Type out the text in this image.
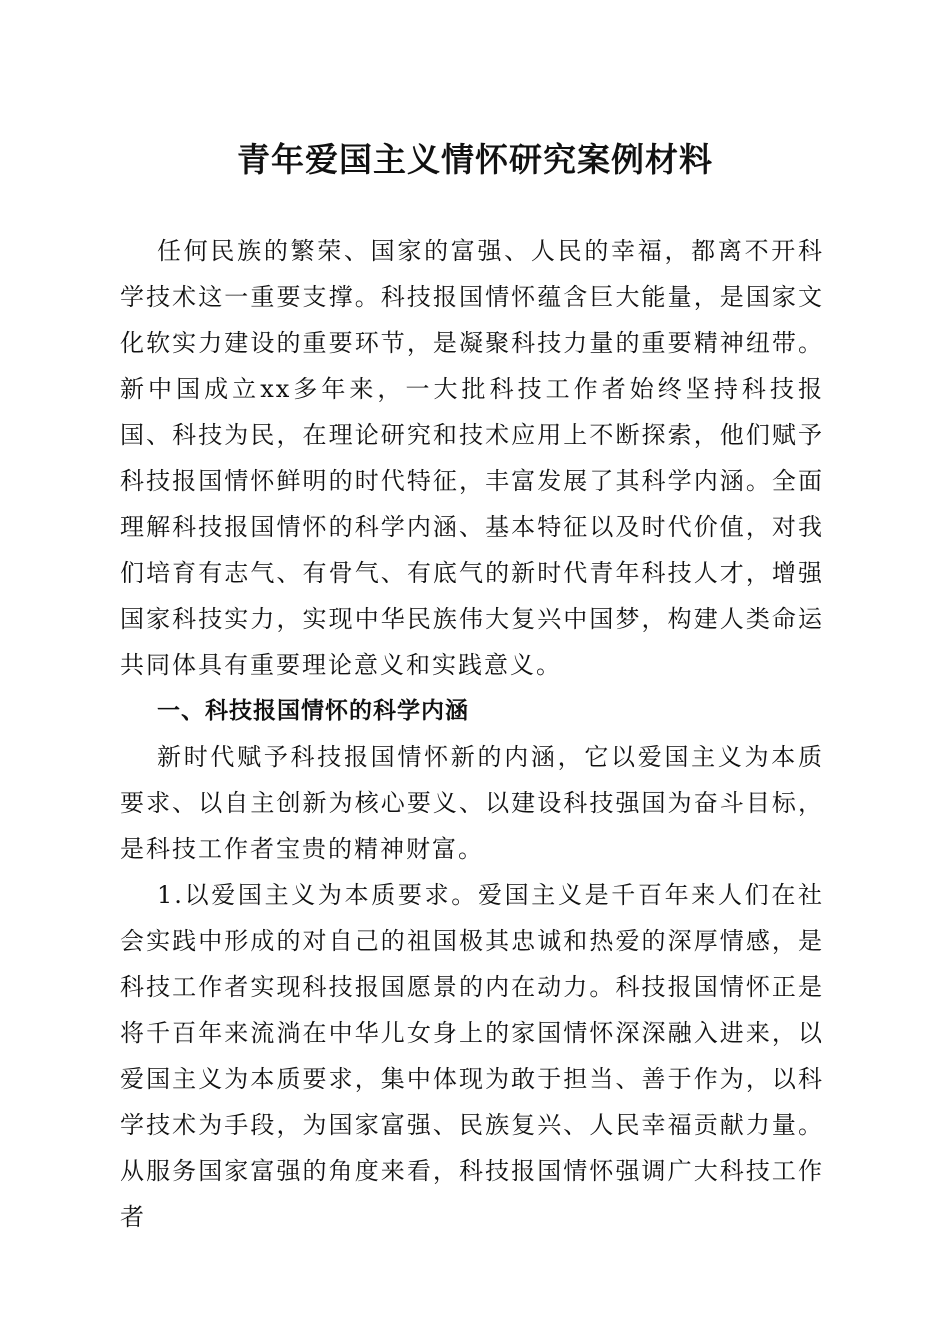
青年爱国主义情怀研究案例材料

任何民族的繁荣、国家的富强、人民的幸福，都离不开科学技术这一重要支撑。科技报国情怀蕴含巨大能量，是国家文化软实力建设的重要环节，是凝聚科技力量的重要精神纽带。新中国成立xx多年来，一大批科技工作者始终坚持科技报国、科技为民，在理论研究和技术应用上不断探索，他们赋予科技报国情怀鲜明的时代特征，丰富发展了其科学内涵。全面理解科技报国情怀的科学内涵、基本特征以及时代价值，对我们培育有志气、有骨气、有底气的新时代青年科技人才，增强国家科技实力，实现中华民族伟大复兴中国梦，构建人类命运共同体具有重要理论意义和实践意义。

一、科技报国情怀的科学内涵

新时代赋予科技报国情怀新的内涵，它以爱国主义为本质要求、以自主创新为核心要义、以建设科技强国为奋斗目标，是科技工作者宝贵的精神财富。

1.以爱国主义为本质要求。爱国主义是千百年来人们在社会实践中形成的对自己的祖国极其忠诚和热爱的深厚情感，是科技工作者实现科技报国愿景的内在动力。科技报国情怀正是将千百年来流淌在中华儿女身上的家国情怀深深融入进来，以爱国主义为本质要求，集中体现为敢于担当、善于作为，以科学技术为手段，为国家富强、民族复兴、人民幸福贡献力量。从服务国家富强的角度来看，科技报国情怀强调广大科技工作者
